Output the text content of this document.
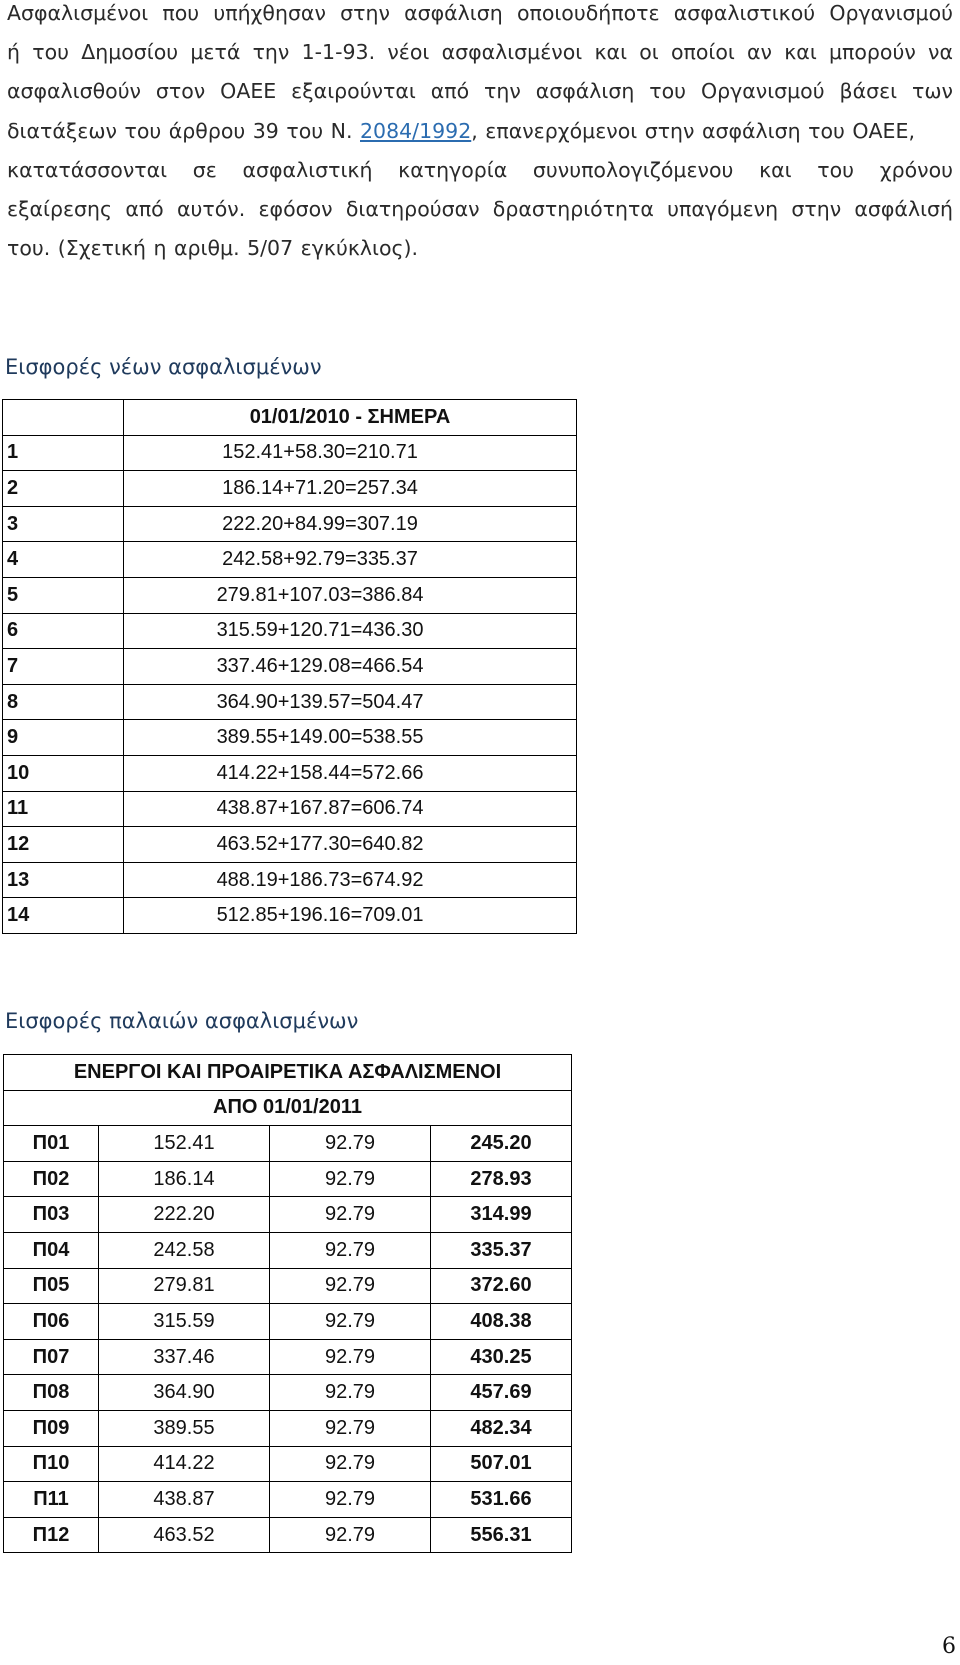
Ασφαλισμένοι που υπήχθησαν στην ασφάλιση οποιουδήποτε ασφαλιστικού Οργανισμού
ή του Δημοσίου μετά την 1-1-93. νέοι ασφαλισμένοι και οι οποίοι αν και μπορούν να
ασφαλισθούν στον ΟΑΕΕ εξαιρούνται από την ασφάλιση του Οργανισμού βάσει των
διατάξεων του άρθρου 39 του Ν. 2084/1992, επανερχόμενοι στην ασφάλιση του ΟΑΕΕ,
κατατάσσονται σε ασφαλιστική κατηγορία συνυπολογιζόμενου και του χρόνου
εξαίρεσης από αυτόν. εφόσον διατηρούσαν δραστηριότητα υπαγόμενη στην ασφάλισή
του. (Σχετική η αριθμ. 5/07 εγκύκλιος).
Εισφορές νέων ασφαλισμένων
	01/01/2010 - ΣΗΜΕΡΑ
1	152.41+58.30=210.71
2	186.14+71.20=257.34
3	222.20+84.99=307.19
4	242.58+92.79=335.37
5	279.81+107.03=386.84
6	315.59+120.71=436.30
7	337.46+129.08=466.54
8	364.90+139.57=504.47
9	389.55+149.00=538.55
10	414.22+158.44=572.66
11	438.87+167.87=606.74
12	463.52+177.30=640.82
13	488.19+186.73=674.92
14	512.85+196.16=709.01
Εισφορές παλαιών ασφαλισμένων
ΕΝΕΡΓΟΙ ΚΑΙ ΠΡΟΑΙΡΕΤΙΚΑ ΑΣΦΑΛΙΣΜΕΝΟΙ			
ΑΠΟ 01/01/2011			
Π01	152.41	92.79	245.20
Π02	186.14	92.79	278.93
Π03	222.20	92.79	314.99
Π04	242.58	92.79	335.37
Π05	279.81	92.79	372.60
Π06	315.59	92.79	408.38
Π07	337.46	92.79	430.25
Π08	364.90	92.79	457.69
Π09	389.55	92.79	482.34
Π10	414.22	92.79	507.01
Π11	438.87	92.79	531.66
Π12	463.52	92.79	556.31
6
